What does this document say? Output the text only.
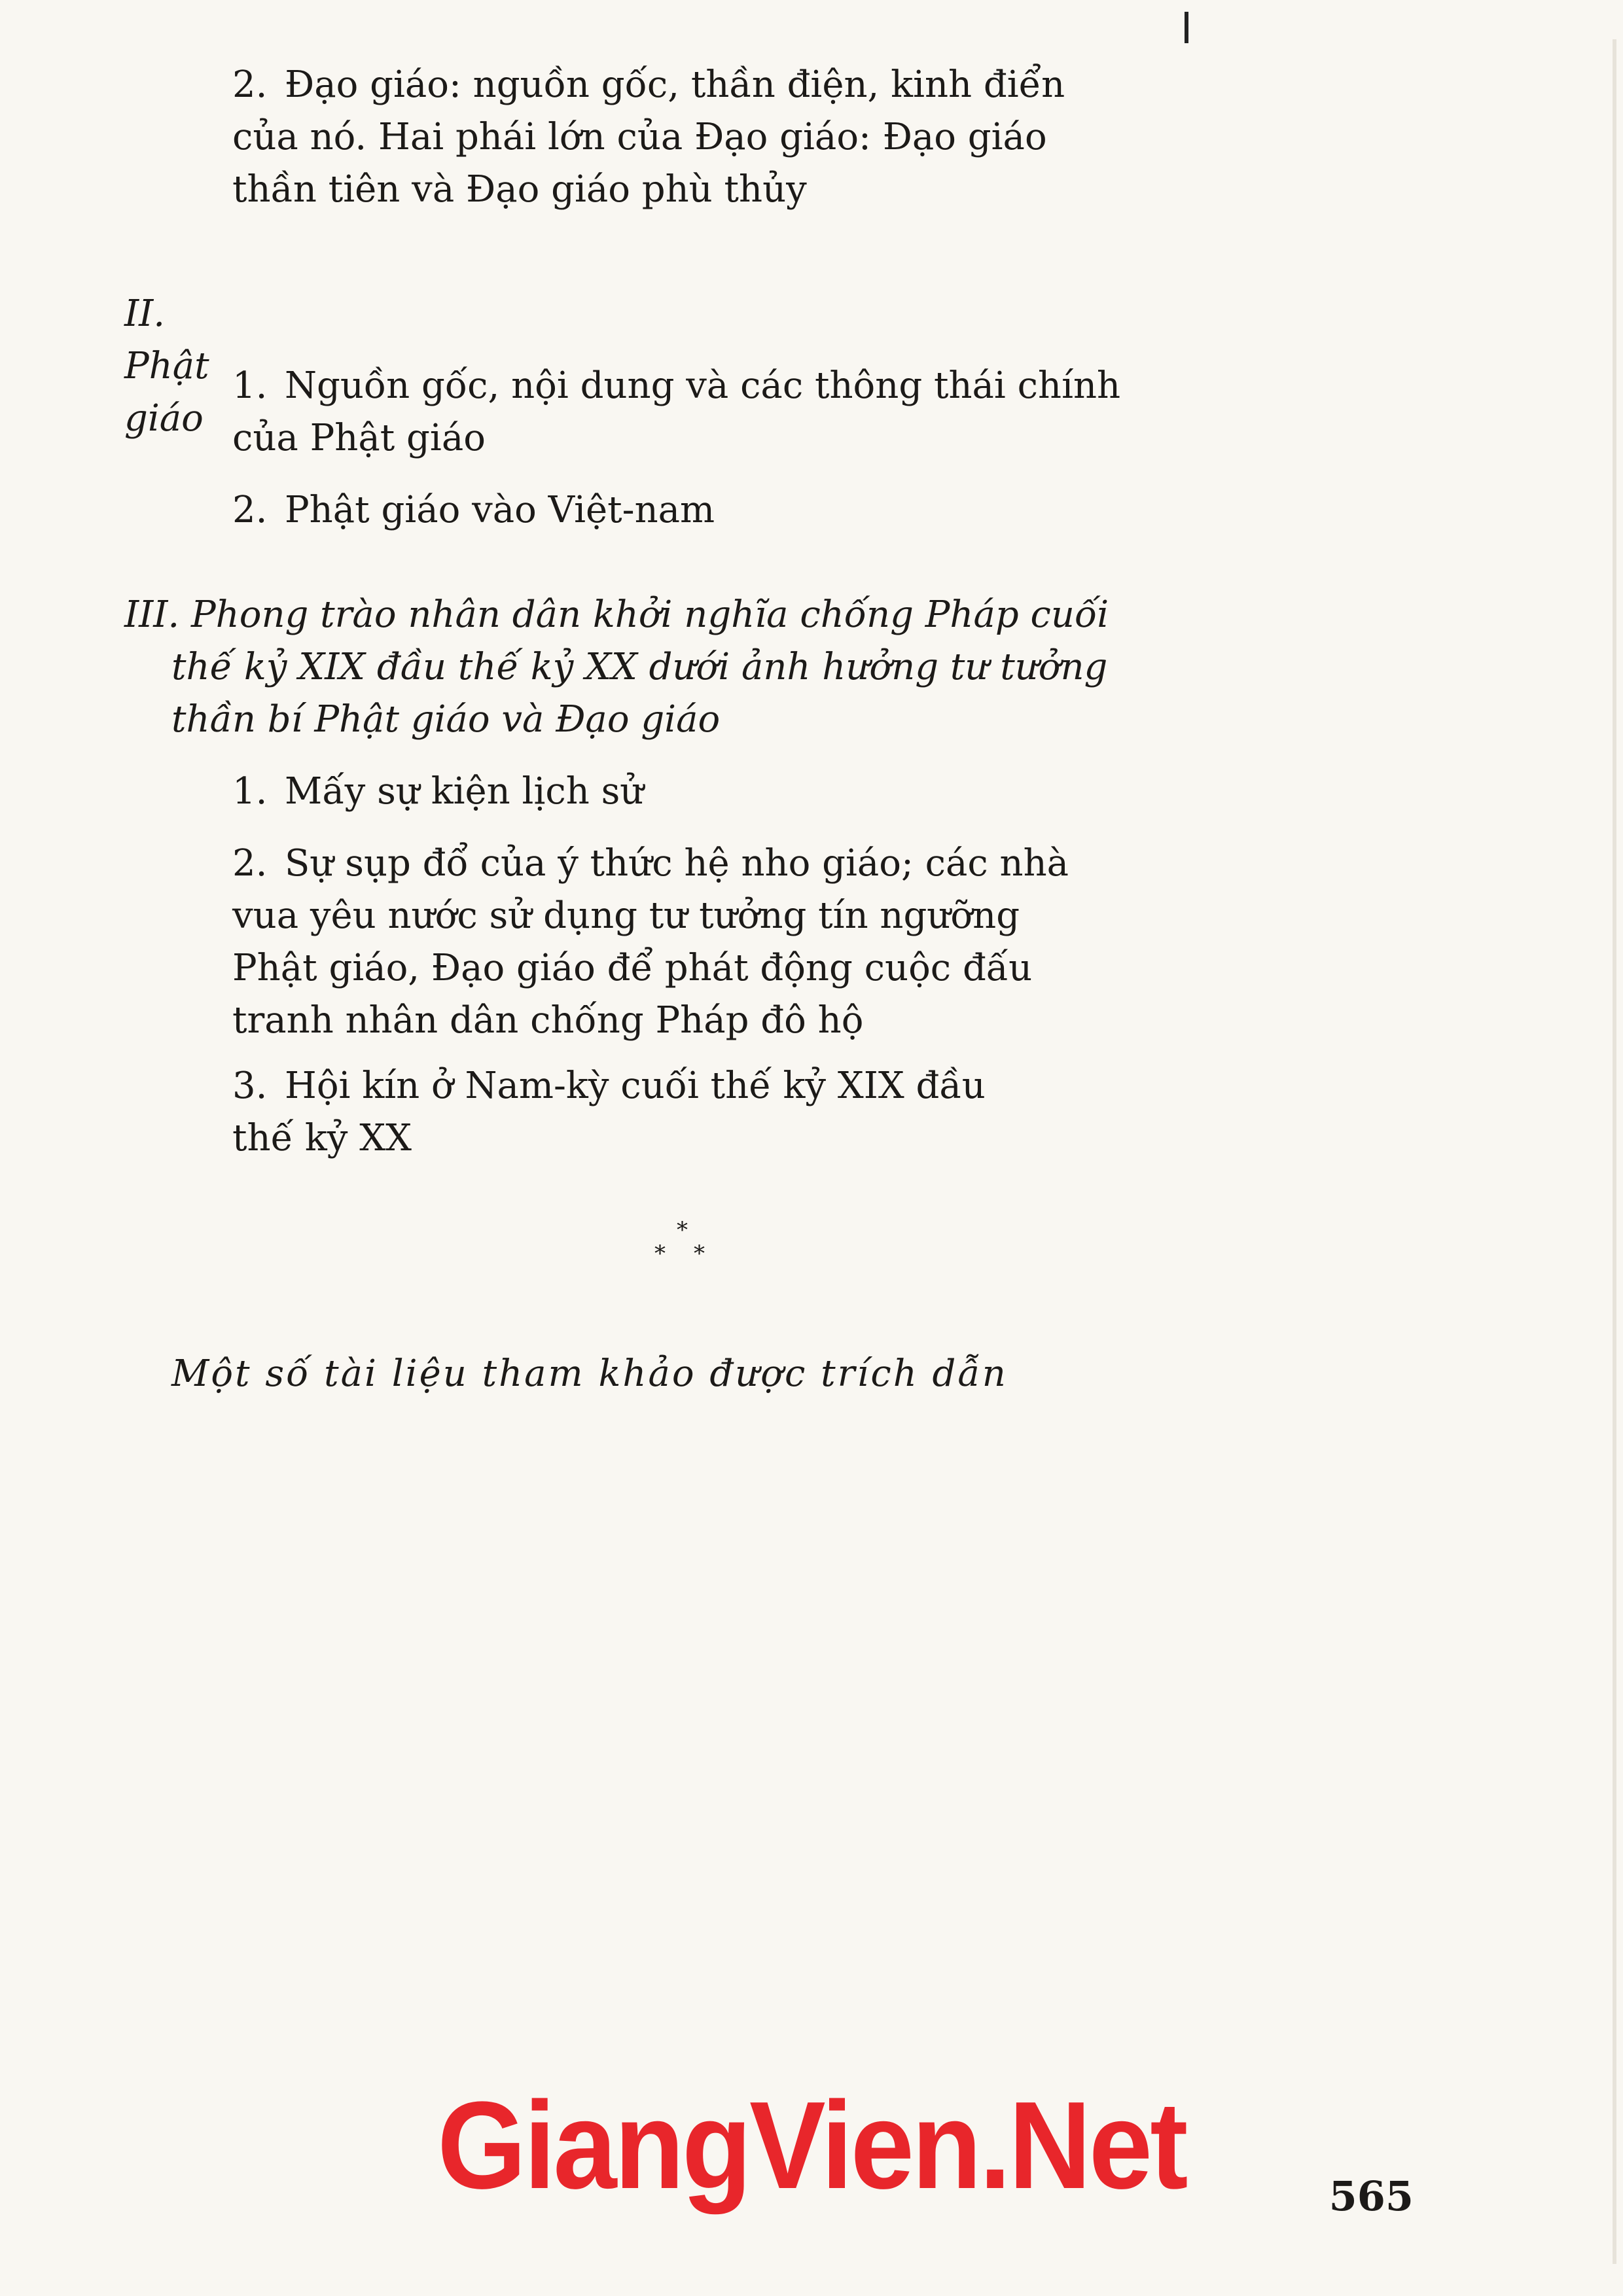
2. Đạo giáo: nguồn gốc, thần điện, kinh điển
của nó. Hai phái lớn của Đạo giáo: Đạo giáo
thần tiên và Đạo giáo phù thủy
II. Phật giáo
1. Nguồn gốc, nội dung và các thông thái chính
của Phật giáo
2. Phật giáo vào Việt-nam
III. Phong trào nhân dân khởi nghĩa chống Pháp cuối
thế kỷ XIX đầu thế kỷ XX dưới ảnh hưởng tư tưởng
thần bí Phật giáo và Đạo giáo
1. Mấy sự kiện lịch sử
2. Sự sụp đổ của ý thức hệ nho giáo; các nhà
vua yêu nước sử dụng tư tưởng tín ngưỡng
Phật giáo, Đạo giáo để phát động cuộc đấu
tranh nhân dân chống Pháp đô hộ
3. Hội kín ở Nam-kỳ cuối thế kỷ XIX đầu
thế kỷ XX
*
* *
Một số tài liệu tham khảo được trích dẫn
GiangVien.Net	565
